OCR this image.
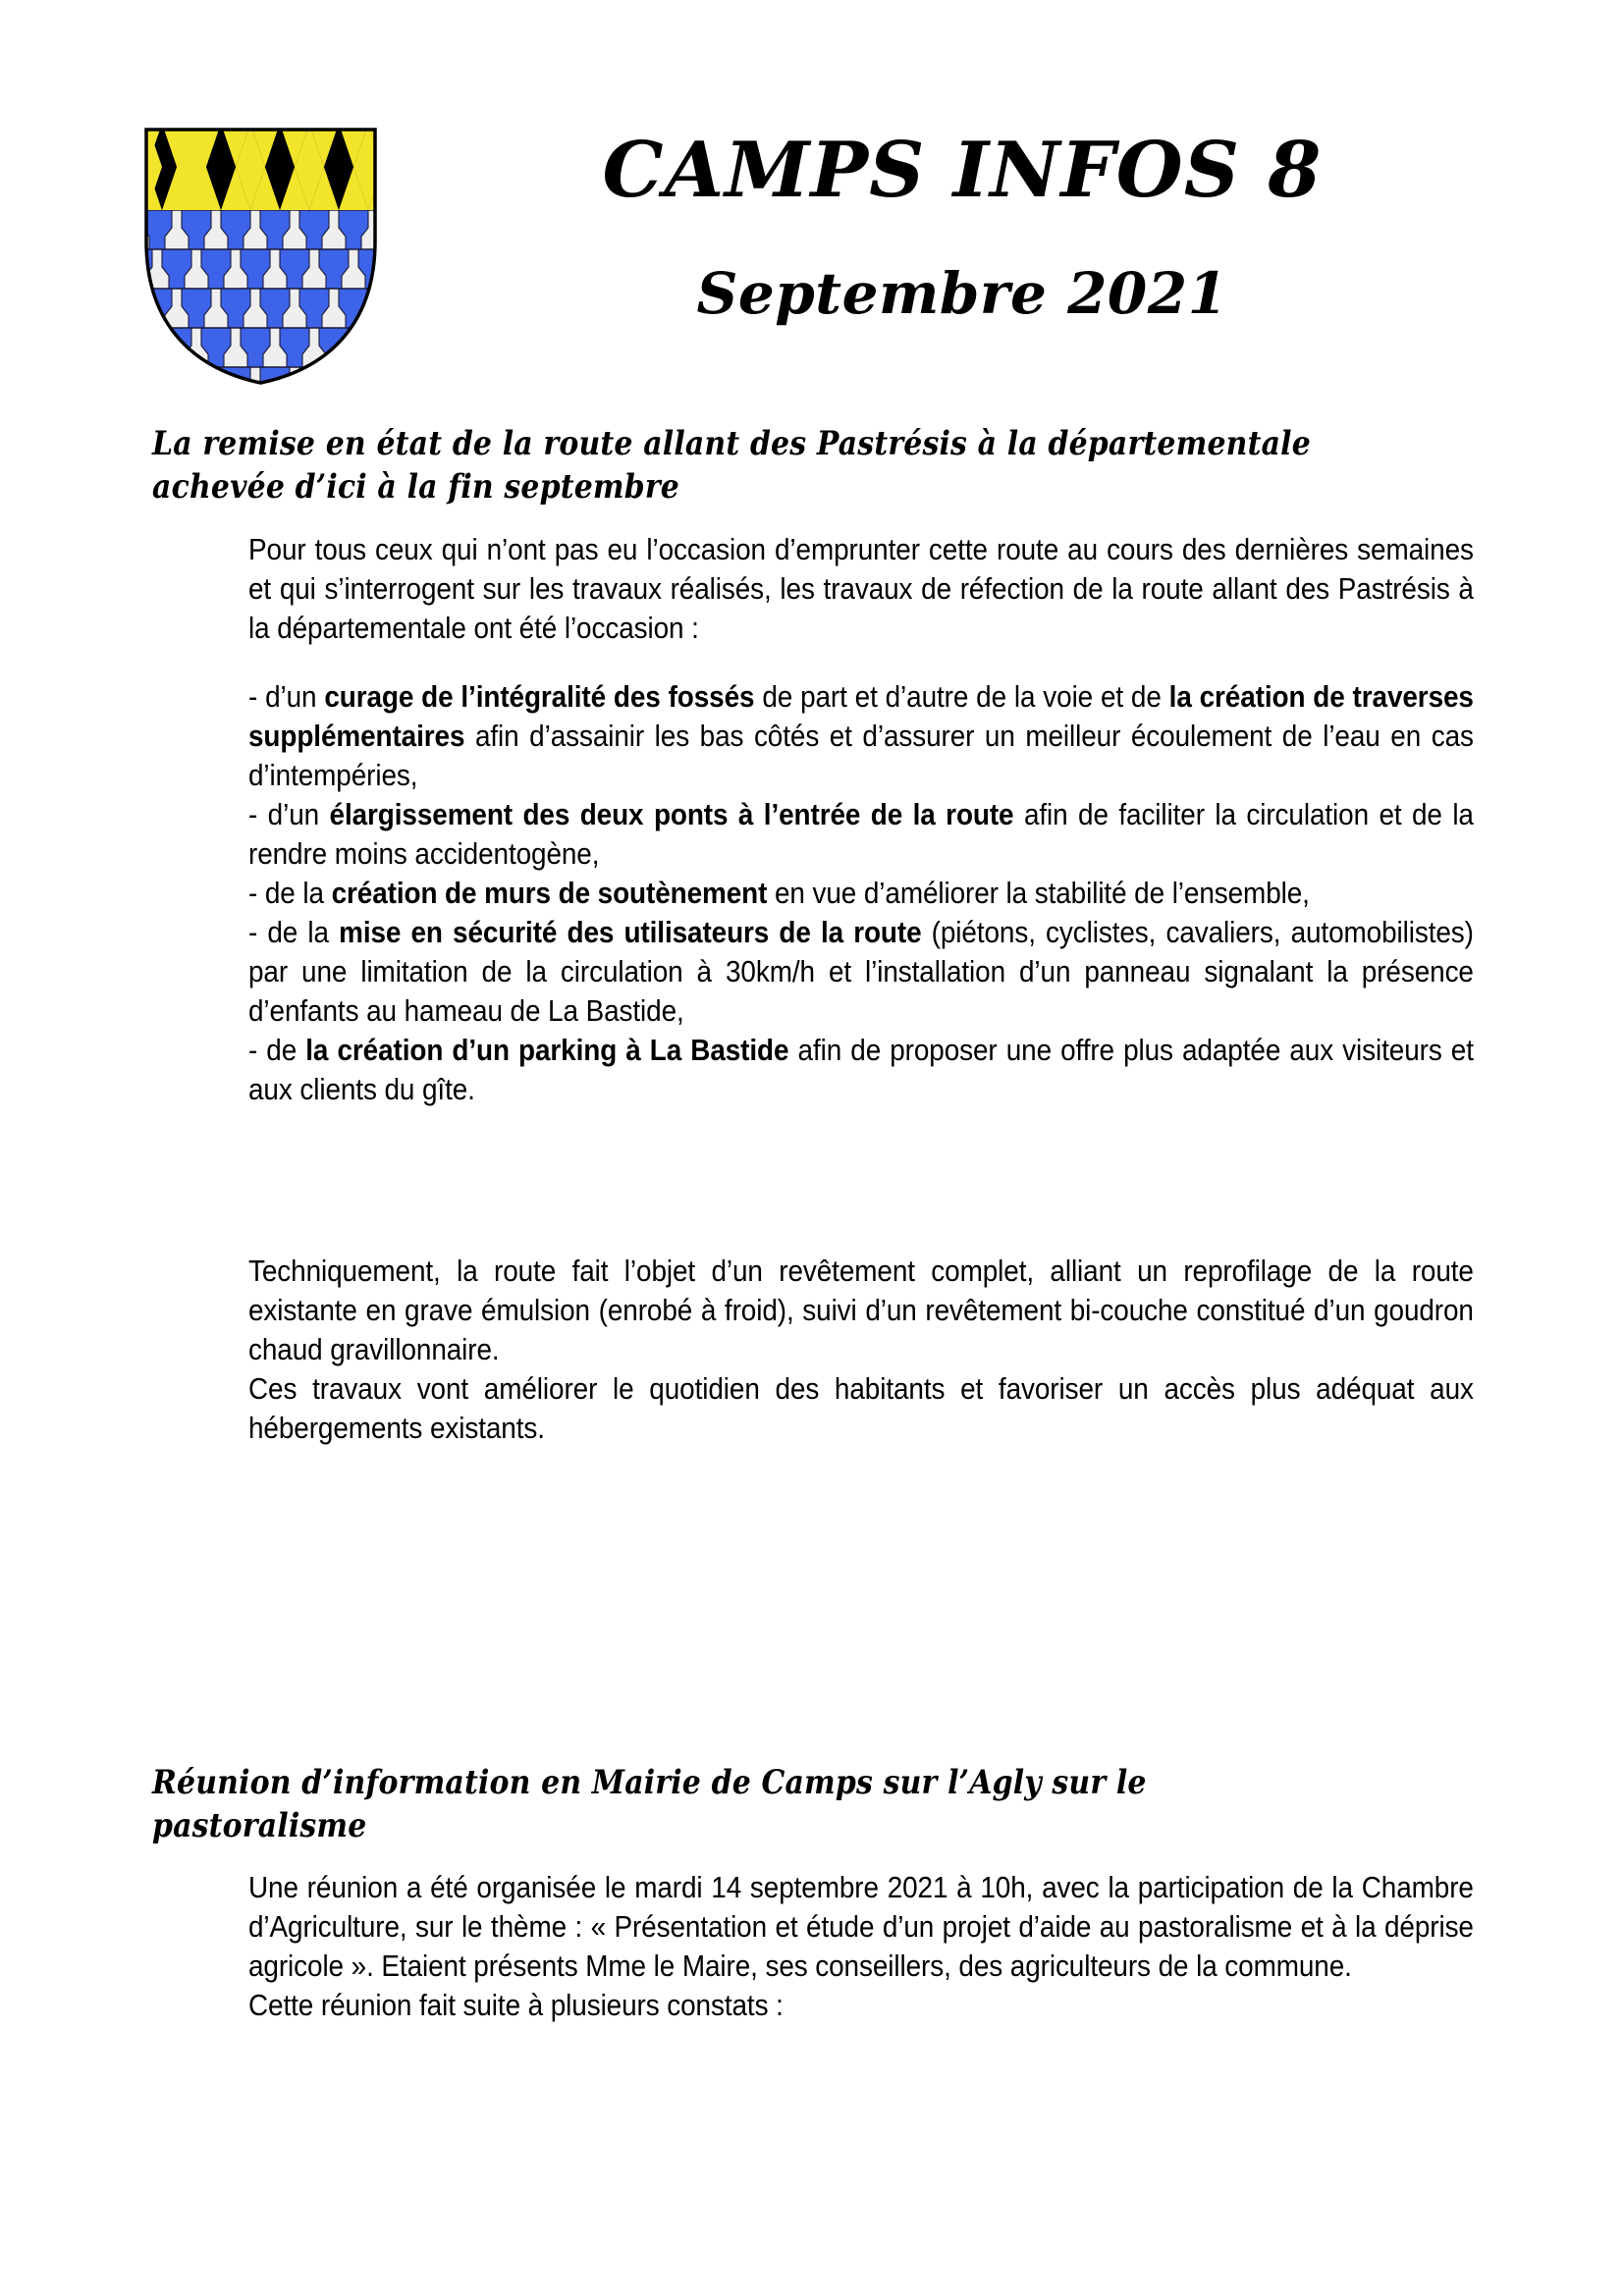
CAMPS INFOS 8
Septembre 2021
La remise en état de la route allant des Pastrésis à la départementale
achevée d’ici à la fin septembre

Pour tous ceux qui n’ont pas eu l’occasion d’emprunter cette route au cours des dernières semaines et qui s’interrogent sur les travaux réalisés, les travaux de réfection de la route allant des Pastrésis à la départementale ont été l’occasion :

- d’un curage de l’intégralité des fossés de part et d’autre de la voie et de la création de traverses supplémentaires afin d’assainir les bas côtés et d’assurer un meilleur écoulement de l’eau en cas d’intempéries,

- d’un élargissement des deux ponts à l’entrée de la route afin de faciliter la circulation et de la rendre moins accidentogène,

- de la création de murs de soutènement en vue d’améliorer la stabilité de l’ensemble,

- de la mise en sécurité des utilisateurs de la route (piétons, cyclistes, cavaliers, automobilistes) par une limitation de la circulation à 30km/h et l’installation d’un panneau signalant la présence d’enfants au hameau de La Bastide,

- de la création d’un parking à La Bastide afin de proposer une offre plus adaptée aux visiteurs et aux clients du gîte.

Techniquement, la route fait l’objet d’un revêtement complet, alliant un reprofilage de la route existante en grave émulsion (enrobé à froid), suivi d’un revêtement bi-couche constitué d’un goudron chaud gravillonnaire.

Ces travaux vont améliorer le quotidien des habitants et favoriser un accès plus adéquat aux hébergements existants.

Réunion d’information en Mairie de Camps sur l’Agly sur le
pastoralisme

Une réunion a été organisée le mardi 14 septembre 2021 à 10h, avec la participation de la Chambre d’Agriculture, sur le thème : « Présentation et étude d’un projet d’aide au pastoralisme et à la déprise agricole ». Etaient présents Mme le Maire, ses conseillers, des agriculteurs de la commune.

Cette réunion fait suite à plusieurs constats :
